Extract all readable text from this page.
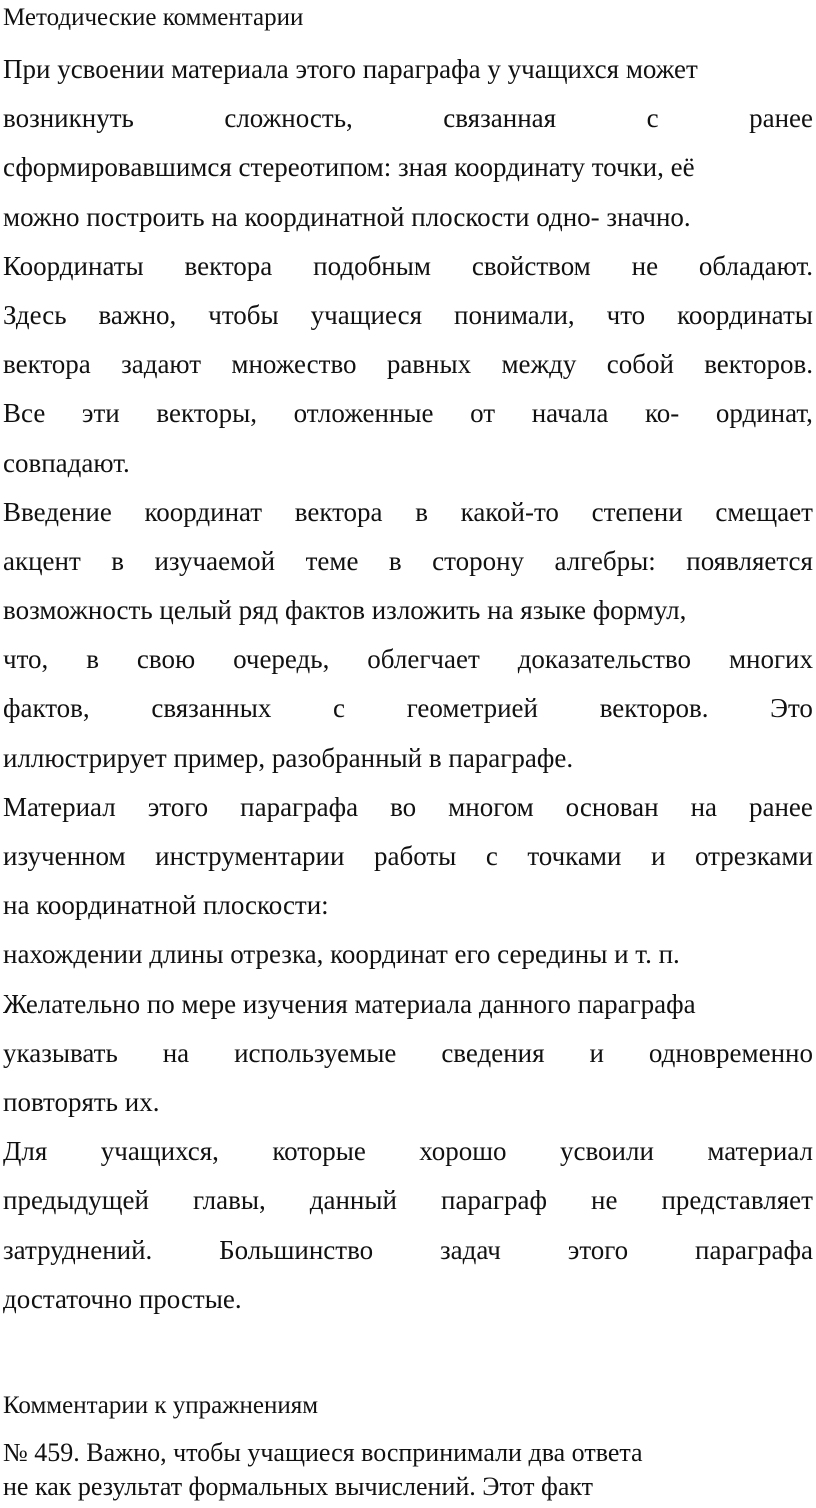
Методические комментарии
При усвоении материала этого параграфа у учащихся может
возникнуть	сложность,	связанная	с	ранее
сформировавшимся стереотипом: зная координату точки, её
можно построить на координатной плоскости одно- значно.
Координаты вектора подобным свойством не обладают.
Здесь важно, чтобы учащиеся понимали, что координаты
вектора задают множество равных между собой векторов.
Все эти векторы, отложенные от начала ко- ординат,
совпадают.
Введение координат вектора в какой-то степени смещает
акцент в изучаемой теме в сторону алгебры: появляется
возможность целый ряд фактов изложить на языке формул,
что, в свою очередь, облегчает доказательство многих
фактов, связанных с геометрией векторов. Это
иллюстрирует пример, разобранный в параграфе.
Материал этого параграфа во многом основан на ранее
изученном инструментарии работы с точками и отрезками
на координатной плоскости:
нахождении длины отрезка, координат его середины и т. п.
Желательно по мере изучения материала данного параграфа
указывать на используемые сведения и одновременно
повторять их.
Для учащихся, которые хорошо усвоили материал
предыдущей главы, данный параграф не представляет
затруднений. Большинство задач этого параграфа
достаточно простые.
Комментарии к упражнениям
№ 459. Важно, чтобы учащиеся воспринимали два ответа
не как результат формальных вычислений. Этот факт
